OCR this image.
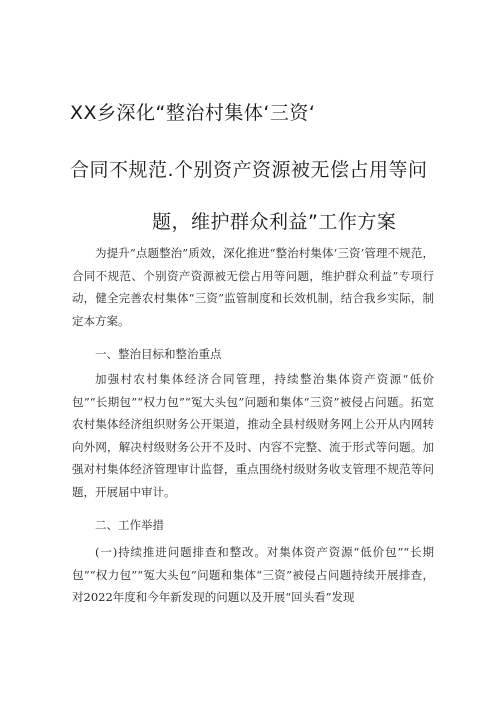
XX乡深化“整治村集体‘三资‘
合同不规范.个别资产资源被无偿占用等问
题，维护群众利益”工作方案

为提升“点题整治”质效，深化推进“整治村集体‘三资’管理不规范，合同不规范、个别资产资源被无偿占用等问题，维护群众利益”专项行动，健全完善农村集体“三资”监管制度和长效机制，结合我乡实际，制定本方案。

一、整治目标和整治重点

加强村农村集体经济合同管理，持续整治集体资产资源“低价包”“长期包”“权力包”“冤大头包”问题和集体“三资”被侵占问题。拓宽农村集体经济组织财务公开渠道，推动全县村级财务网上公开从内网转向外网，解决村级财务公开不及时、内容不完整、流于形式等问题。加强对村集体经济管理审计监督，重点围绕村级财务收支管理不规范等问题，开展届中审计。

二、工作举措

(一)持续推进问题排查和整改。对集体资产资源“低价包”“长期包”“权力包”“冤大头包”问题和集体“三资”被侵占问题持续开展排查，对2022年度和今年新发现的问题以及开展“回头看”发现
